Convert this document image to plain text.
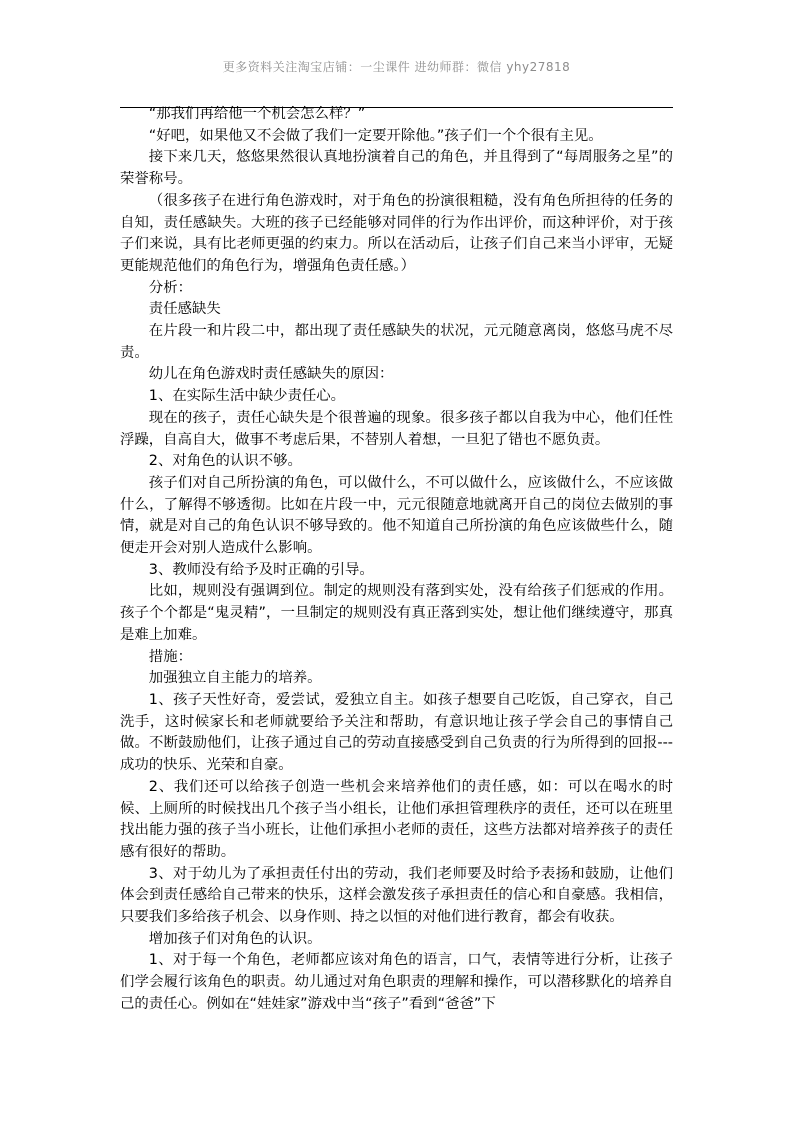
更多资料关注淘宝店铺：一尘课件 进幼师群：微信 yhy27818

“那我们再给他一个机会怎么样？”

“好吧，如果他又不会做了我们一定要开除他。”孩子们一个个很有主见。

接下来几天，悠悠果然很认真地扮演着自己的角色，并且得到了“每周服务之星”的荣誉称号。

（很多孩子在进行角色游戏时，对于角色的扮演很粗糙，没有角色所担待的任务的自知，责任感缺失。大班的孩子已经能够对同伴的行为作出评价，而这种评价，对于孩子们来说，具有比老师更强的约束力。所以在活动后，让孩子们自己来当小评审，无疑更能规范他们的角色行为，增强角色责任感。）

分析：

责任感缺失

在片段一和片段二中，都出现了责任感缺失的状况，元元随意离岗，悠悠马虎不尽责。

幼儿在角色游戏时责任感缺失的原因：

1、在实际生活中缺少责任心。

现在的孩子，责任心缺失是个很普遍的现象。很多孩子都以自我为中心，他们任性浮躁，自高自大，做事不考虑后果，不替别人着想，一旦犯了错也不愿负责。

2、对角色的认识不够。

孩子们对自己所扮演的角色，可以做什么，不可以做什么，应该做什么，不应该做什么，了解得不够透彻。比如在片段一中，元元很随意地就离开自己的岗位去做别的事情，就是对自己的角色认识不够导致的。他不知道自己所扮演的角色应该做些什么，随便走开会对别人造成什么影响。

3、教师没有给予及时正确的引导。

比如，规则没有强调到位。制定的规则没有落到实处，没有给孩子们惩戒的作用。孩子个个都是“鬼灵精”，一旦制定的规则没有真正落到实处，想让他们继续遵守，那真是难上加难。

措施：

加强独立自主能力的培养。

1、孩子天性好奇，爱尝试，爱独立自主。如孩子想要自己吃饭，自己穿衣，自己洗手，这时候家长和老师就要给予关注和帮助，有意识地让孩子学会自己的事情自己做。不断鼓励他们，让孩子通过自己的劳动直接感受到自己负责的行为所得到的回报---成功的快乐、光荣和自豪。

2、我们还可以给孩子创造一些机会来培养他们的责任感，如：可以在喝水的时候、上厕所的时候找出几个孩子当小组长，让他们承担管理秩序的责任，还可以在班里找出能力强的孩子当小班长，让他们承担小老师的责任，这些方法都对培养孩子的责任感有很好的帮助。

3、对于幼儿为了承担责任付出的劳动，我们老师要及时给予表扬和鼓励，让他们体会到责任感给自己带来的快乐，这样会激发孩子承担责任的信心和自豪感。我相信，只要我们多给孩子机会、以身作则、持之以恒的对他们进行教育，都会有收获。

增加孩子们对角色的认识。

1、对于每一个角色，老师都应该对角色的语言，口气，表情等进行分析，让孩子们学会履行该角色的职责。幼儿通过对角色职责的理解和操作，可以潜移默化的培养自己的责任心。例如在“娃娃家”游戏中当“孩子”看到“爸爸”下
